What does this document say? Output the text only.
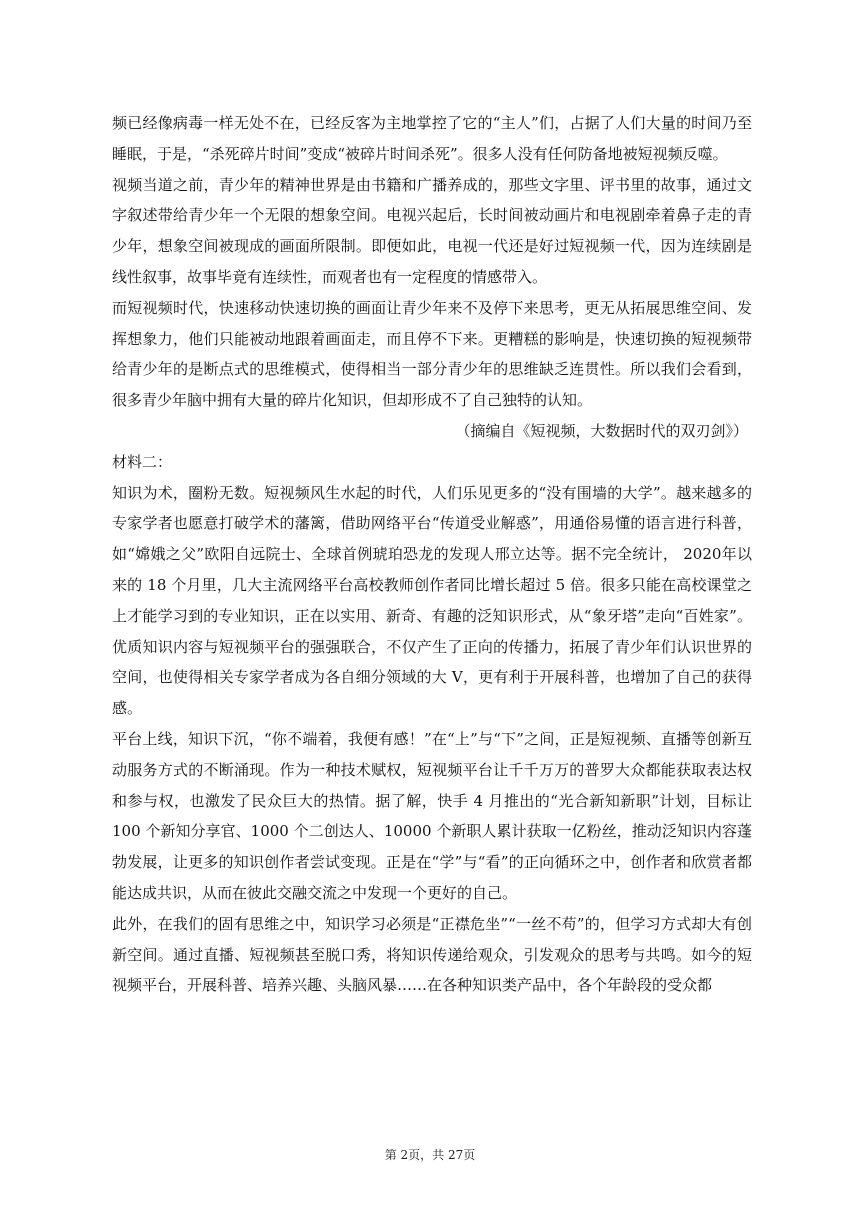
频已经像病毒一样无处不在，已经反客为主地掌控了它的“主人”们，占据了人们大量的时间乃至睡眠，于是，“杀死碎片时间”变成“被碎片时间杀死”。很多人没有任何防备地被短视频反噬。

视频当道之前，青少年的精神世界是由书籍和广播养成的，那些文字里、评书里的故事，通过文字叙述带给青少年一个无限的想象空间。电视兴起后，长时间被动画片和电视剧牵着鼻子走的青少年，想象空间被现成的画面所限制。即便如此，电视一代还是好过短视频一代，因为连续剧是线性叙事，故事毕竟有连续性，而观者也有一定程度的情感带入。

而短视频时代，快速移动快速切换的画面让青少年来不及停下来思考，更无从拓展思维空间、发挥想象力，他们只能被动地跟着画面走，而且停不下来。更糟糕的影响是，快速切换的短视频带给青少年的是断点式的思维模式，使得相当一部分青少年的思维缺乏连贯性。所以我们会看到，很多青少年脑中拥有大量的碎片化知识，但却形成不了自己独特的认知。

（摘编自《短视频，大数据时代的双刃剑》）

材料二：

知识为术，圈粉无数。短视频风生水起的时代，人们乐见更多的“没有围墙的大学”。越来越多的专家学者也愿意打破学术的藩篱，借助网络平台“传道受业解惑”，用通俗易懂的语言进行科普，如“嫦娥之父”欧阳自远院士、全球首例琥珀恐龙的发现人邢立达等。据不完全统计， 2020年以来的 18 个月里，几大主流网络平台高校教师创作者同比增长超过 5 倍。很多只能在高校课堂之上才能学习到的专业知识，正在以实用、新奇、有趣的泛知识形式，从“象牙塔”走向“百姓家”。优质知识内容与短视频平台的强强联合，不仅产生了正向的传播力，拓展了青少年们认识世界的空间，也使得相关专家学者成为各自细分领域的大 V，更有利于开展科普，也增加了自己的获得感。

平台上线，知识下沉，“你不端着，我便有感！”在“上”与“下”之间，正是短视频、直播等创新互动服务方式的不断涌现。作为一种技术赋权，短视频平台让千千万万的普罗大众都能获取表达权和参与权，也激发了民众巨大的热情。据了解，快手 4 月推出的“光合新知新职”计划，目标让 100 个新知分享官、1000 个二创达人、10000 个新职人累计获取一亿粉丝，推动泛知识内容蓬勃发展，让更多的知识创作者尝试变现。正是在“学”与“看”的正向循环之中，创作者和欣赏者都能达成共识，从而在彼此交融交流之中发现一个更好的自己。

此外，在我们的固有思维之中，知识学习必须是“正襟危坐”“一丝不苟”的，但学习方式却大有创新空间。通过直播、短视频甚至脱口秀，将知识传递给观众，引发观众的思考与共鸣。如今的短视频平台，开展科普、培养兴趣、头脑风暴……在各种知识类产品中，各个年龄段的受众都

第 2页，共 27页
